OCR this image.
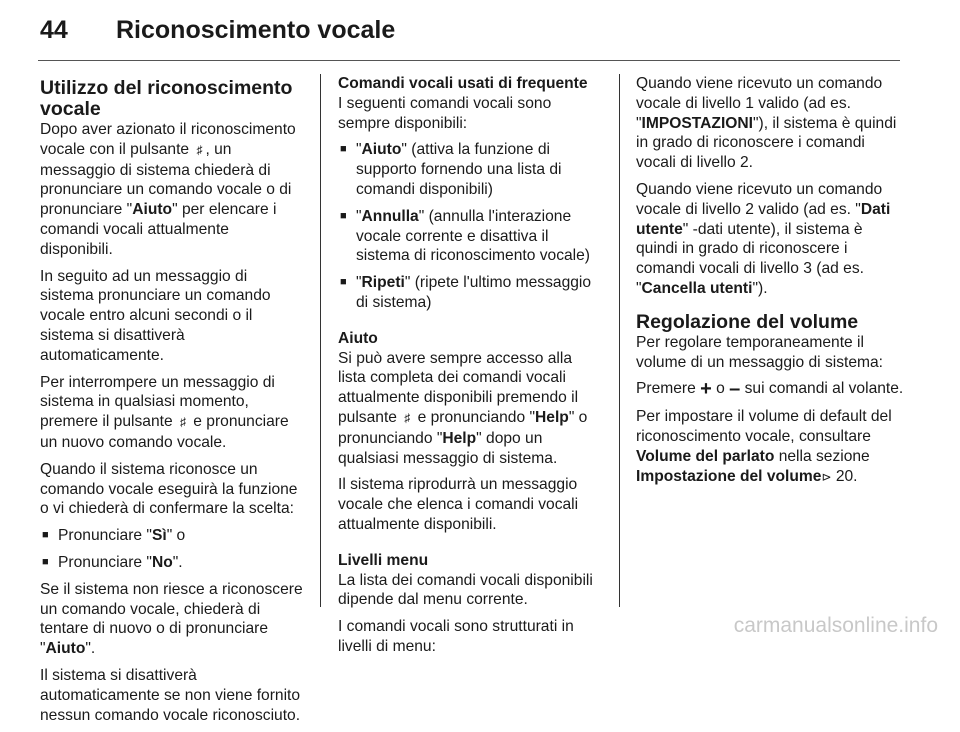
44	Riconoscimento vocale
Utilizzo del riconoscimento
vocale

Dopo aver azionato il riconoscimento vocale con il pulsante ♯ , un messaggio di sistema chiederà di pronunciare un comando vocale o di pronunciare "Aiuto" per elencare i comandi vocali attualmente disponibili.

In seguito ad un messaggio di sistema pronunciare un comando vocale entro alcuni secondi o il sistema si disattiverà automaticamente.

Per interrompere un messaggio di sistema in qualsiasi momento, premere il pulsante ♯ e pronunciare un nuovo comando vocale.

Quando il sistema riconosce un comando vocale eseguirà la funzione o vi chiederà di confermare la scelta:

■ Pronunciare "Sì" o
■ Pronunciare "No".

Se il sistema non riesce a riconoscere un comando vocale, chiederà di tentare di nuovo o di pronunciare "Aiuto".

Il sistema si disattiverà automaticamente se non viene fornito nessun comando vocale riconosciuto.

Comandi vocali usati di frequente

I seguenti comandi vocali sono sempre disponibili:

■ "Aiuto" (attiva la funzione di supporto fornendo una lista di comandi disponibili)
■ "Annulla" (annulla l'interazione vocale corrente e disattiva il sistema di riconoscimento vocale)
■ "Ripeti" (ripete l'ultimo messaggio di sistema)
Aiuto

Si può avere sempre accesso alla lista completa dei comandi vocali attualmente disponibili premendo il pulsante ♯ e pronunciando "Help" o pronunciando "Help" dopo un qualsiasi messaggio di sistema.

Il sistema riprodurrà un messaggio vocale che elenca i comandi vocali attualmente disponibili.

Livelli menu

La lista dei comandi vocali disponibili dipende dal menu corrente.

I comandi vocali sono strutturati in livelli di menu:

Quando viene ricevuto un comando vocale di livello 1 valido (ad es. "IMPOSTAZIONI"), il sistema è quindi in grado di riconoscere i comandi vocali di livello 2.

Quando viene ricevuto un comando vocale di livello 2 valido (ad es. "Dati utente" -dati utente), il sistema è quindi in grado di riconoscere i comandi vocali di livello 3 (ad es. "Cancella utenti").

Regolazione del volume

Per regolare temporaneamente il volume di un messaggio di sistema:

Premere + o – sui comandi al volante.

Per impostare il volume di default del riconoscimento vocale, consultare Volume del parlato nella sezione Impostazione del volume⊳ 20.

carmanualsonline.info
